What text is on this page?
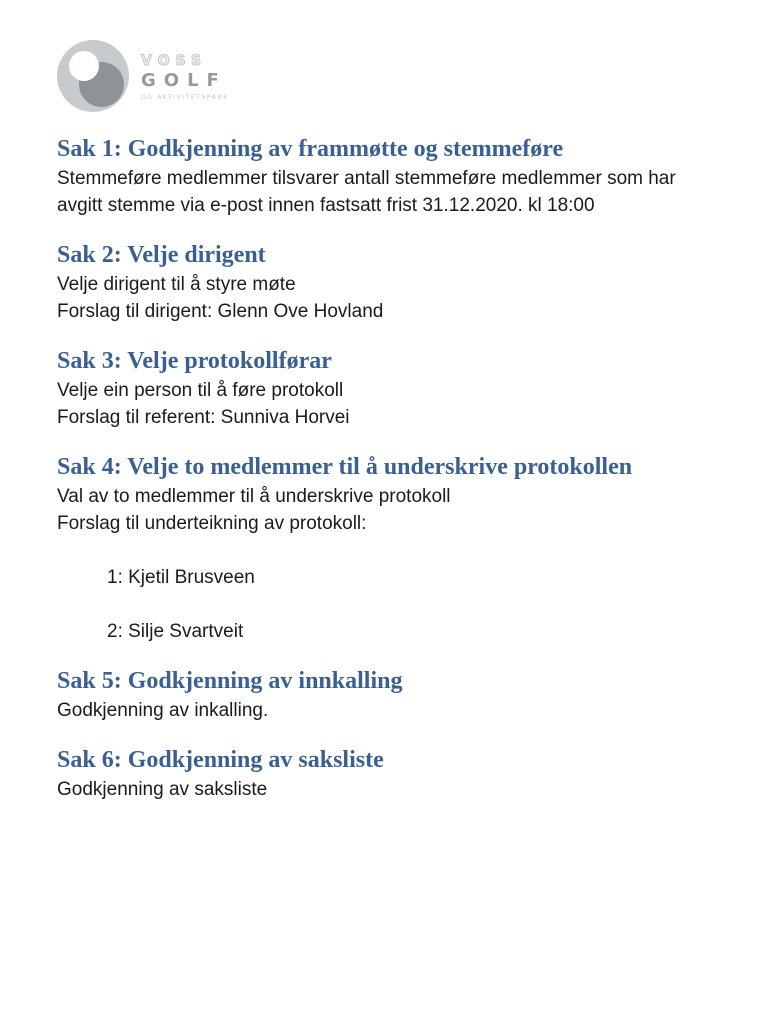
VOSS
GOLF
OG AKTIVITETSPARK
Sak 1: Godkjenning av frammøtte og stemmeføre

Stemmeføre medlemmer tilsvarer antall stemmeføre medlemmer som har

avgitt stemme via e-post innen fastsatt frist 31.12.2020. kl 18:00

Sak 2: Velje dirigent

Velje dirigent til å styre møte

Forslag til dirigent: Glenn Ove Hovland

Sak 3: Velje protokollførar

Velje ein person til å føre protokoll

Forslag til referent: Sunniva Horvei

Sak 4: Velje to medlemmer til å underskrive protokollen

Val av to medlemmer til å underskrive protokoll

Forslag til underteikning av protokoll:

1: Kjetil Brusveen
2: Silje Svartveit
Sak 5: Godkjenning av innkalling

Godkjenning av inkalling.

Sak 6: Godkjenning av saksliste

Godkjenning av saksliste
